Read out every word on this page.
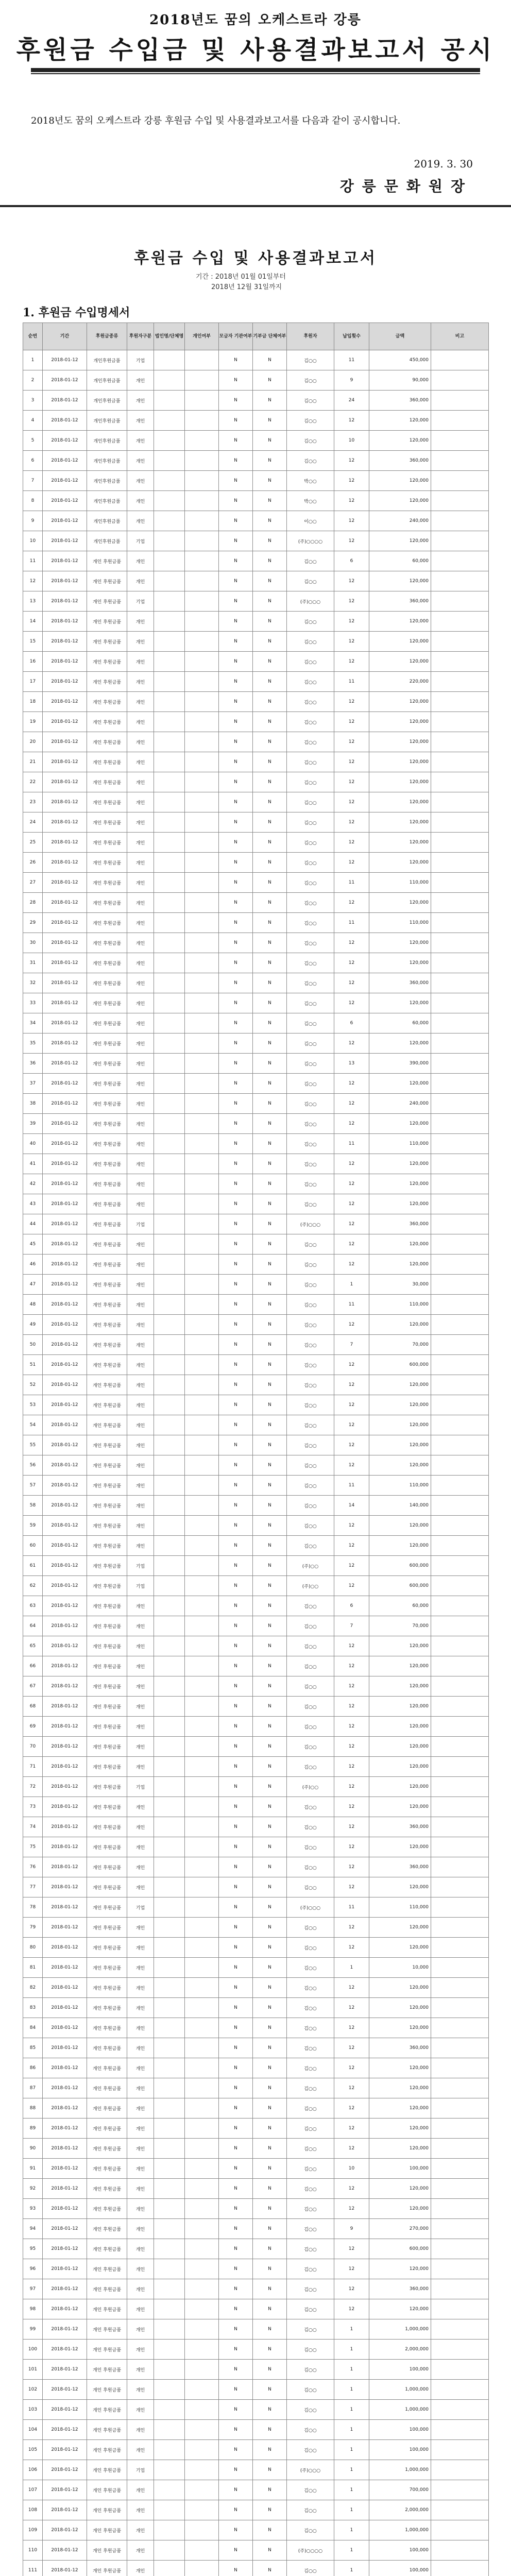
2018년도 꿈의 오케스트라 강릉
후원금 수입금 및 사용결과보고서 공시
2018년도 꿈의 오케스트라 강릉 후원금 수입 및 사용결과보고서를 다음과 같이 공시합니다.
2019. 3. 30
강릉문화원장
후원금 수입 및 사용결과보고서
기간 : 2018년 01월 01일부터
2018년 12월 31일까지
1. 후원금 수입명세서
순번	기간	후원금종류	후원자구분	법인명/단체명	개인여부	모금자 기관여부	기부금 단체여부	후원자	납입횟수	금액	비고
1	2018-01-12	개인후원금품	기업			N	N	김○○	11	450,000	
2	2018-01-12	개인후원금품	개인			N	N	김○○	9	90,000	
3	2018-01-12	개인후원금품	개인			N	N	김○○	24	360,000	
4	2018-01-12	개인후원금품	개인			N	N	김○○	12	120,000	
5	2018-01-12	개인후원금품	개인			N	N	김○○	10	120,000	
6	2018-01-12	개인후원금품	개인			N	N	김○○	12	360,000	
7	2018-01-12	개인후원금품	개인			N	N	박○○	12	120,000	
8	2018-01-12	개인후원금품	개인			N	N	박○○	12	120,000	
9	2018-01-12	개인후원금품	개인			N	N	이○○	12	240,000	
10	2018-01-12	개인후원금품	기업			N	N	(주)○○○○	12	120,000	
11	2018-01-12	개인 후원금품	개인			N	N	김○○	6	60,000	
12	2018-01-12	개인 후원금품	개인			N	N	김○○	12	120,000	
13	2018-01-12	개인 후원금품	기업			N	N	(주)○○○	12	360,000	
14	2018-01-12	개인 후원금품	개인			N	N	김○○	12	120,000	
15	2018-01-12	개인 후원금품	개인			N	N	김○○	12	120,000	
16	2018-01-12	개인 후원금품	개인			N	N	김○○	12	120,000	
17	2018-01-12	개인 후원금품	개인			N	N	김○○	11	220,000	
18	2018-01-12	개인 후원금품	개인			N	N	김○○	12	120,000	
19	2018-01-12	개인 후원금품	개인			N	N	김○○	12	120,000	
20	2018-01-12	개인 후원금품	개인			N	N	김○○	12	120,000	
21	2018-01-12	개인 후원금품	개인			N	N	김○○	12	120,000	
22	2018-01-12	개인 후원금품	개인			N	N	김○○	12	120,000	
23	2018-01-12	개인 후원금품	개인			N	N	김○○	12	120,000	
24	2018-01-12	개인 후원금품	개인			N	N	김○○	12	120,000	
25	2018-01-12	개인 후원금품	개인			N	N	김○○	12	120,000	
26	2018-01-12	개인 후원금품	개인			N	N	김○○	12	120,000	
27	2018-01-12	개인 후원금품	개인			N	N	김○○	11	110,000	
28	2018-01-12	개인 후원금품	개인			N	N	김○○	12	120,000	
29	2018-01-12	개인 후원금품	개인			N	N	김○○	11	110,000	
30	2018-01-12	개인 후원금품	개인			N	N	김○○	12	120,000	
31	2018-01-12	개인 후원금품	개인			N	N	김○○	12	120,000	
32	2018-01-12	개인 후원금품	개인			N	N	김○○	12	360,000	
33	2018-01-12	개인 후원금품	개인			N	N	김○○	12	120,000	
34	2018-01-12	개인 후원금품	개인			N	N	김○○	6	60,000	
35	2018-01-12	개인 후원금품	개인			N	N	김○○	12	120,000	
36	2018-01-12	개인 후원금품	개인			N	N	김○○	13	390,000	
37	2018-01-12	개인 후원금품	개인			N	N	김○○	12	120,000	
38	2018-01-12	개인 후원금품	개인			N	N	김○○	12	240,000	
39	2018-01-12	개인 후원금품	개인			N	N	김○○	12	120,000	
40	2018-01-12	개인 후원금품	개인			N	N	김○○	11	110,000	
41	2018-01-12	개인 후원금품	개인			N	N	김○○	12	120,000	
42	2018-01-12	개인 후원금품	개인			N	N	김○○	12	120,000	
43	2018-01-12	개인 후원금품	개인			N	N	김○○	12	120,000	
44	2018-01-12	개인 후원금품	기업			N	N	(주)○○○	12	360,000	
45	2018-01-12	개인 후원금품	개인			N	N	김○○	12	120,000	
46	2018-01-12	개인 후원금품	개인			N	N	김○○	12	120,000	
47	2018-01-12	개인 후원금품	개인			N	N	김○○	1	30,000	
48	2018-01-12	개인 후원금품	개인			N	N	김○○	11	110,000	
49	2018-01-12	개인 후원금품	개인			N	N	김○○	12	120,000	
50	2018-01-12	개인 후원금품	개인			N	N	김○○	7	70,000	
51	2018-01-12	개인 후원금품	개인			N	N	김○○	12	600,000	
52	2018-01-12	개인 후원금품	개인			N	N	김○○	12	120,000	
53	2018-01-12	개인 후원금품	개인			N	N	김○○	12	120,000	
54	2018-01-12	개인 후원금품	개인			N	N	김○○	12	120,000	
55	2018-01-12	개인 후원금품	개인			N	N	김○○	12	120,000	
56	2018-01-12	개인 후원금품	개인			N	N	김○○	12	120,000	
57	2018-01-12	개인 후원금품	개인			N	N	김○○	11	110,000	
58	2018-01-12	개인 후원금품	개인			N	N	김○○	14	140,000	
59	2018-01-12	개인 후원금품	개인			N	N	김○○	12	120,000	
60	2018-01-12	개인 후원금품	개인			N	N	김○○	12	120,000	
61	2018-01-12	개인 후원금품	기업			N	N	(주)○○	12	600,000	
62	2018-01-12	개인 후원금품	기업			N	N	(주)○○	12	600,000	
63	2018-01-12	개인 후원금품	개인			N	N	김○○	6	60,000	
64	2018-01-12	개인 후원금품	개인			N	N	김○○	7	70,000	
65	2018-01-12	개인 후원금품	개인			N	N	김○○	12	120,000	
66	2018-01-12	개인 후원금품	개인			N	N	김○○	12	120,000	
67	2018-01-12	개인 후원금품	개인			N	N	김○○	12	120,000	
68	2018-01-12	개인 후원금품	개인			N	N	김○○	12	120,000	
69	2018-01-12	개인 후원금품	개인			N	N	김○○	12	120,000	
70	2018-01-12	개인 후원금품	개인			N	N	김○○	12	120,000	
71	2018-01-12	개인 후원금품	개인			N	N	김○○	12	120,000	
72	2018-01-12	개인 후원금품	기업			N	N	(주)○○	12	120,000	
73	2018-01-12	개인 후원금품	개인			N	N	김○○	12	120,000	
74	2018-01-12	개인 후원금품	개인			N	N	김○○	12	360,000	
75	2018-01-12	개인 후원금품	개인			N	N	김○○	12	120,000	
76	2018-01-12	개인 후원금품	개인			N	N	김○○	12	360,000	
77	2018-01-12	개인 후원금품	개인			N	N	김○○	12	120,000	
78	2018-01-12	개인 후원금품	기업			N	N	(주)○○○	11	110,000	
79	2018-01-12	개인 후원금품	개인			N	N	김○○	12	120,000	
80	2018-01-12	개인 후원금품	개인			N	N	김○○	12	120,000	
81	2018-01-12	개인 후원금품	개인			N	N	김○○	1	10,000	
82	2018-01-12	개인 후원금품	개인			N	N	김○○	12	120,000	
83	2018-01-12	개인 후원금품	개인			N	N	김○○	12	120,000	
84	2018-01-12	개인 후원금품	개인			N	N	김○○	12	120,000	
85	2018-01-12	개인 후원금품	개인			N	N	김○○	12	360,000	
86	2018-01-12	개인 후원금품	개인			N	N	김○○	12	120,000	
87	2018-01-12	개인 후원금품	개인			N	N	김○○	12	120,000	
88	2018-01-12	개인 후원금품	개인			N	N	김○○	12	120,000	
89	2018-01-12	개인 후원금품	개인			N	N	김○○	12	120,000	
90	2018-01-12	개인 후원금품	개인			N	N	김○○	12	120,000	
91	2018-01-12	개인 후원금품	개인			N	N	김○○	10	100,000	
92	2018-01-12	개인 후원금품	개인			N	N	김○○	12	120,000	
93	2018-01-12	개인 후원금품	개인			N	N	김○○	12	120,000	
94	2018-01-12	개인 후원금품	개인			N	N	김○○	9	270,000	
95	2018-01-12	개인 후원금품	개인			N	N	김○○	12	600,000	
96	2018-01-12	개인 후원금품	개인			N	N	김○○	12	120,000	
97	2018-01-12	개인 후원금품	개인			N	N	김○○	12	360,000	
98	2018-01-12	개인 후원금품	개인			N	N	김○○	12	120,000	
99	2018-01-12	개인 후원금품	개인			N	N	김○○	1	1,000,000	
100	2018-01-12	개인 후원금품	개인			N	N	김○○	1	2,000,000	
101	2018-01-12	개인 후원금품	개인			N	N	김○○	1	100,000	
102	2018-01-12	개인 후원금품	개인			N	N	김○○	1	1,000,000	
103	2018-01-12	개인 후원금품	개인			N	N	김○○	1	1,000,000	
104	2018-01-12	개인 후원금품	개인			N	N	김○○	1	100,000	
105	2018-01-12	개인 후원금품	개인			N	N	김○○	1	100,000	
106	2018-01-12	개인 후원금품	기업			N	N	(주)○○○	1	1,000,000	
107	2018-01-12	개인 후원금품	개인			N	N	김○○	1	700,000	
108	2018-01-12	개인 후원금품	개인			N	N	김○○	1	2,000,000	
109	2018-01-12	개인 후원금품	개인			N	N	김○○	1	1,000,000	
110	2018-01-12	개인 후원금품	개인			N	N	(주)○○○○	1	100,000	
111	2018-01-12	개인 후원금품	개인			N	N	김○○	1	100,000	
